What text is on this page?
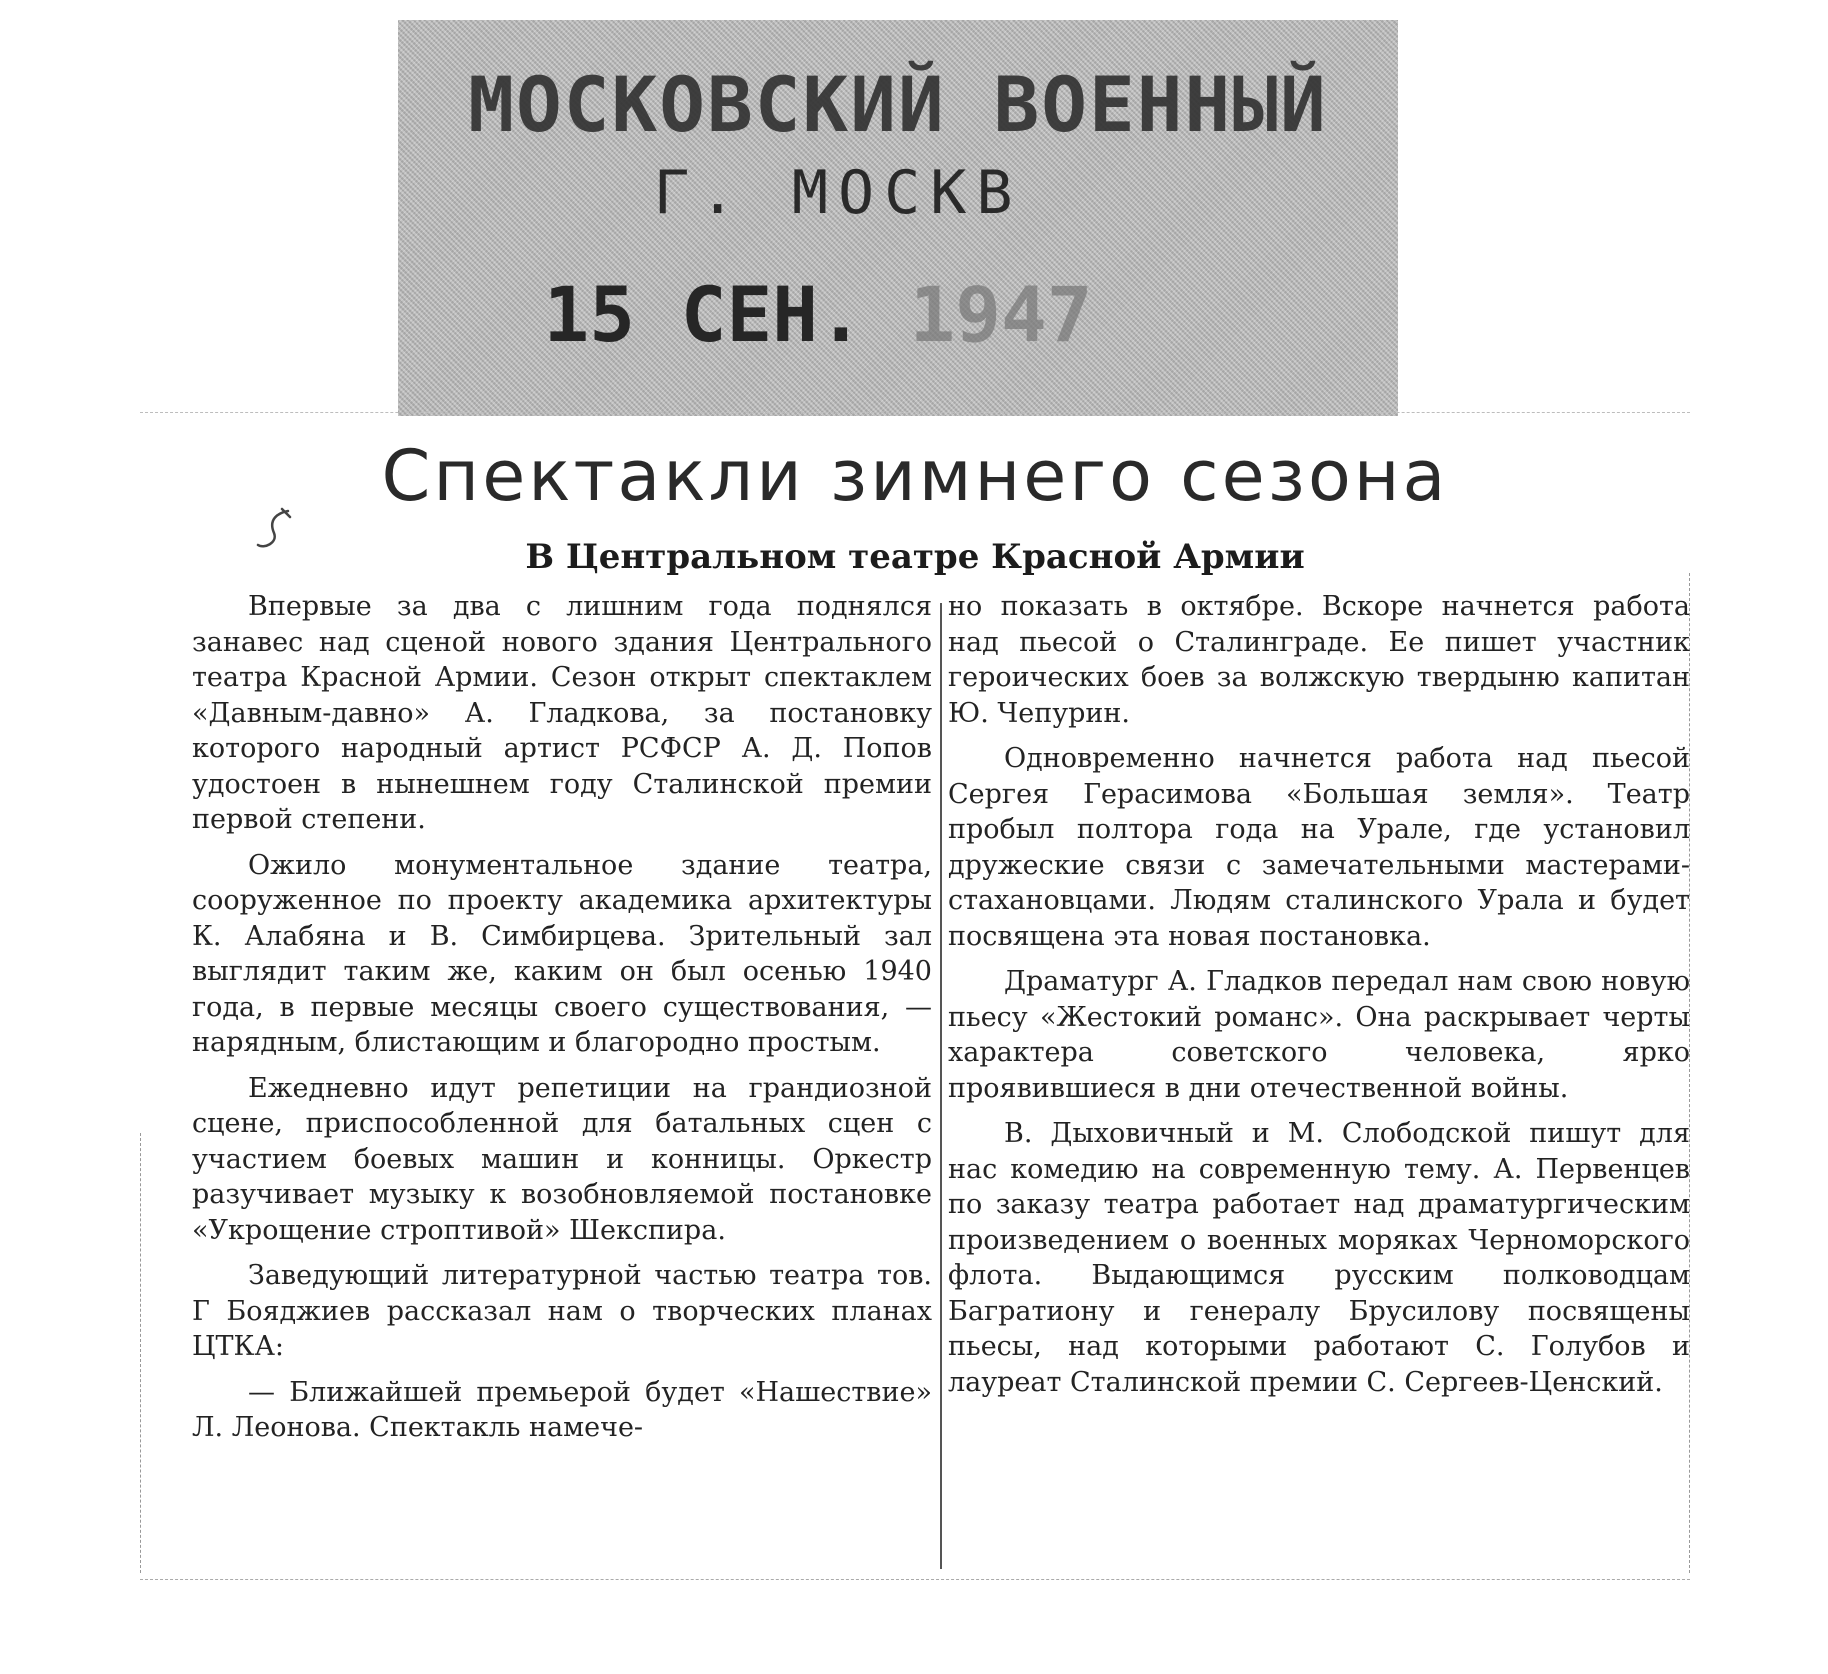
МОСКОВСКИЙ ВОЕННЫЙ
Г. МОСКВ
15 СЕН. 1947
Спектакли зимнего сезона
В Центральном театре Красной Армии

Впервые за два с лишним года поднялся занавес над сценой нового здания Центрального театра Красной Армии. Сезон открыт спектаклем «Давным-давно» А. Гладкова, за постановку которого народный артист РСФСР А. Д. Попов удостоен в нынешнем году Сталинской премии первой степени.

Ожило монументальное здание театра, сооруженное по проекту академика архитектуры К. Алабяна и В. Симбирцева. Зрительный зал выглядит таким же, каким он был осенью 1940 года, в первые месяцы своего существования, — нарядным, блистающим и благородно простым.

Ежедневно идут репетиции на грандиозной сцене, приспособленной для батальных сцен с участием боевых машин и конницы. Оркестр разучивает музыку к возобновляемой постановке «Укрощение строптивой» Шекспира.

Заведующий литературной частью театра тов. Г Бояджиев рассказал нам о творческих планах ЦТКА:

— Ближайшей премьерой будет «Нашествие» Л. Леонова. Спектакль намече-

но показать в октябре. Вскоре начнется работа над пьесой о Сталинграде. Ее пишет участник героических боев за волжскую твердыню капитан Ю. Чепурин.

Одновременно начнется работа над пьесой Сергея Герасимова «Большая земля». Театр пробыл полтора года на Урале, где установил дружеские связи с замечательными мастерами-стахановцами. Людям сталинского Урала и будет посвящена эта новая постановка.

Драматург А. Гладков передал нам свою новую пьесу «Жестокий романс». Она раскрывает черты характера советского человека, ярко проявившиеся в дни отечественной войны.

В. Дыховичный и М. Слободской пишут для нас комедию на современную тему. А. Первенцев по заказу театра работает над драматургическим произведением о военных моряках Черноморского флота. Выдающимся русским полководцам Багратиону и генералу Брусилову посвящены пьесы, над которыми работают С. Голубов и лауреат Сталинской премии С. Сергеев-Ценский.
